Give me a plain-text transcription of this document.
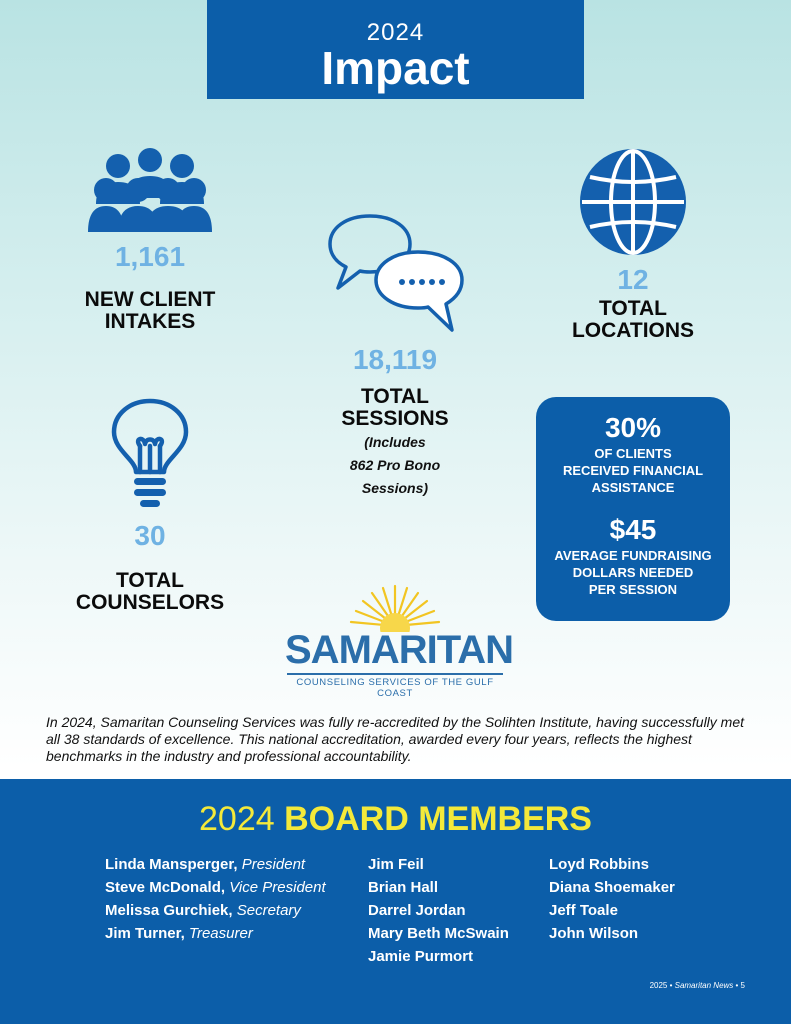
2024
Impact
1,161
NEW CLIENT
INTAKES
18,119
TOTAL
SESSIONS
(Includes
862 Pro Bono
Sessions)
12
TOTAL
LOCATIONS
30
TOTAL
COUNSELORS
30%
OF CLIENTS
RECEIVED FINANCIAL
ASSISTANCE
$45
AVERAGE FUNDRAISING
DOLLARS NEEDED
PER SESSION
SAMARITAN
COUNSELING SERVICES OF THE GULF COAST
In 2024, Samaritan Counseling Services was fully re-accredited by the Solihten Institute, having successfully met all 38 standards of excellence. This national accreditation, awarded every four years, reflects the highest benchmarks in the industry and professional accountability.
2024 BOARD MEMBERS
Linda Mansperger, President
Steve McDonald, Vice President
Melissa Gurchiek, Secretary
Jim Turner, Treasurer
Jim Feil
Brian Hall
Darrel Jordan
Mary Beth McSwain
Jamie Purmort
Loyd Robbins
Diana Shoemaker
Jeff Toale
John Wilson
2025 • Samaritan News • 5
